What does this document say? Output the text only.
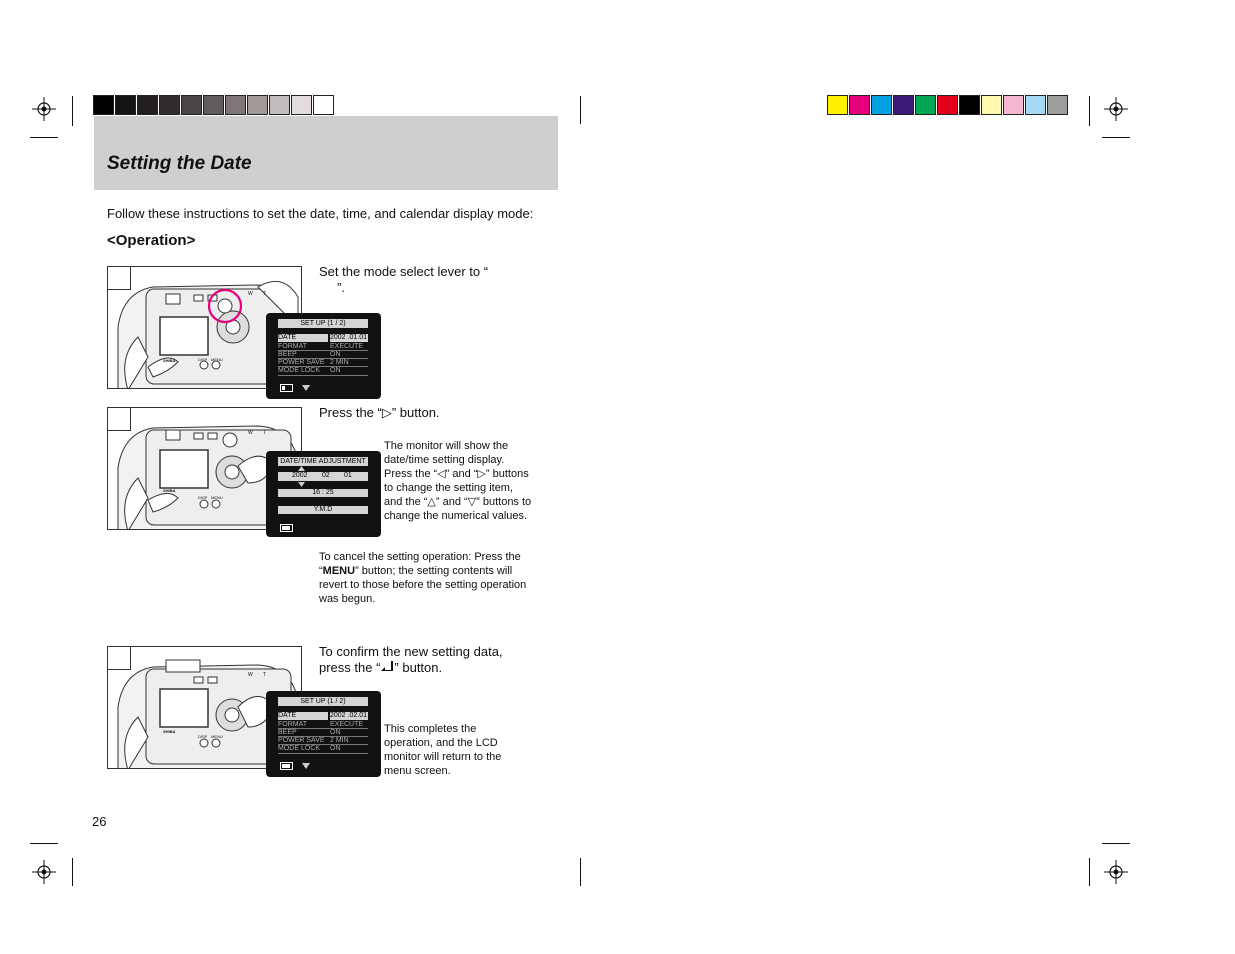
Setting the Date
Follow these instructions to set the date, time, and calendar display mode:
<Operation>
SHIBA	DISP MENU
W T
SET UP (1 / 2)
DATE	2002 .01.01
FORMAT	EXECUTE
BEEP	ON
POWER SAVE 2 MIN
MODE LOCK ON
Set the mode select lever to “
”.
SHIBA
DISP MENU
W T
DATE/TIME ADJUSTMENT
2002 02 01
16 : 25
Y.M.D
Press the “▷” button.
The monitor will show the date/time setting display. Press the “◁” and “▷” buttons to change the setting item, and the “△” and “▽” buttons to change the numerical values.
To cancel the setting operation: Press the “MENU” button; the setting contents will revert to those before the setting operation was begun.
SHIBA
DISP MENU
W T
SET UP (1 / 2)
DATE	2002 .02.01
FORMAT	EXECUTE
BEEP	ON
POWER SAVE 2 MIN
MODE LOCK ON
To confirm the new setting data,
press the “ ” button.
This completes the operation, and the LCD monitor will return to the menu screen.
26
